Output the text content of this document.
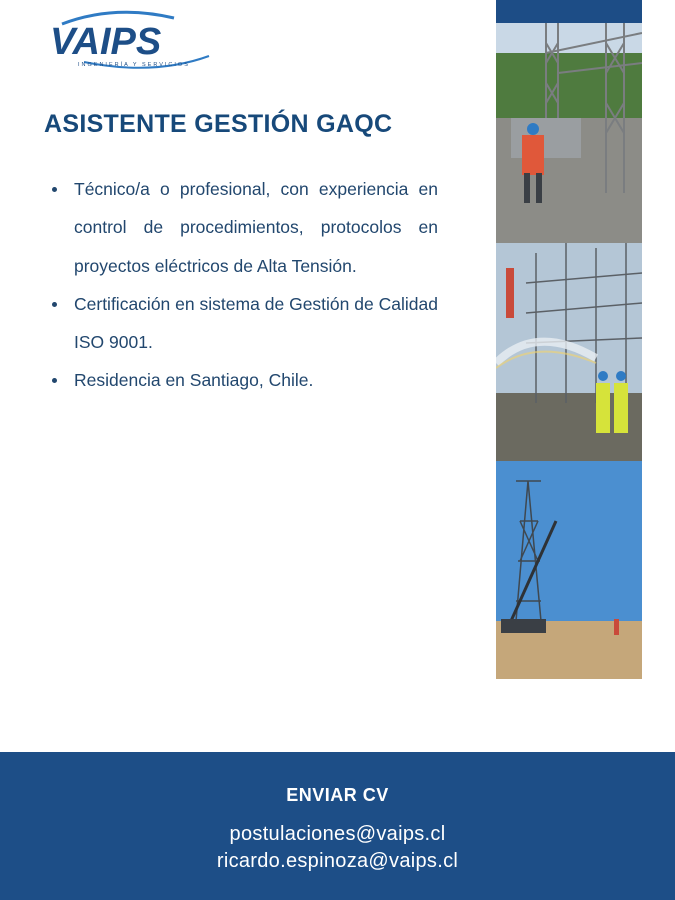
VAIPS
INGENIERÍA Y SERVICIOS
ASISTENTE GESTIÓN GAQC
Técnico/a o profesional, con experiencia en control de procedimientos, protocolos en proyectos eléctricos de Alta Tensión.
Certificación en sistema de Gestión de Calidad ISO 9001.
Residencia en Santiago, Chile.
ENVIAR CV
postulaciones@vaips.cl
ricardo.espinoza@vaips.cl
